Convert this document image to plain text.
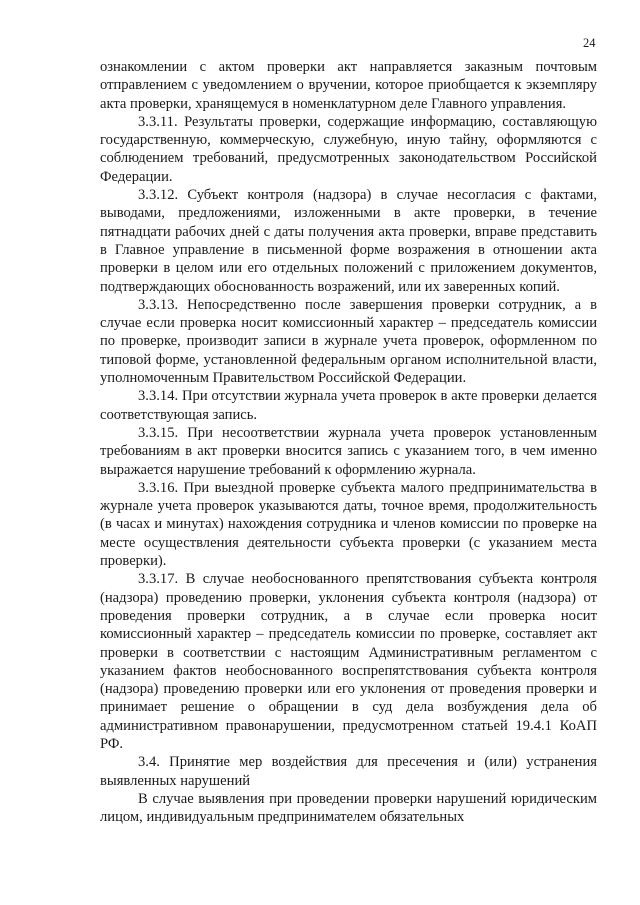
24

ознакомлении с актом проверки акт направляется заказным почтовым отправлением с уведомлением о вручении, которое приобщается к экземпляру акта проверки, хранящемуся в номенклатурном деле Главного управления.

3.3.11. Результаты проверки, содержащие информацию, составляющую государственную, коммерческую, служебную, иную тайну, оформляются с соблюдением требований, предусмотренных законодательством Российской Федерации.

3.3.12. Субъект контроля (надзора) в случае несогласия с фактами, выводами, предложениями, изложенными в акте проверки, в течение пятнадцати рабочих дней с даты получения акта проверки, вправе представить в Главное управление в письменной форме возражения в отношении акта проверки в целом или его отдельных положений с приложением документов, подтверждающих обоснованность возражений, или их заверенных копий.

3.3.13. Непосредственно после завершения проверки сотрудник, а в случае если проверка носит комиссионный характер – председатель комиссии по проверке, производит записи в журнале учета проверок, оформленном по типовой форме, установленной федеральным органом исполнительной власти, уполномоченным Правительством Российской Федерации.

3.3.14. При отсутствии журнала учета проверок в акте проверки делается соответствующая запись.

3.3.15. При несоответствии журнала учета проверок установленным требованиям в акт проверки вносится запись с указанием того, в чем именно выражается нарушение требований к оформлению журнала.

3.3.16. При выездной проверке субъекта малого предпринимательства в журнале учета проверок указываются даты, точное время, продолжительность (в часах и минутах) нахождения сотрудника и членов комиссии по проверке на месте осуществления деятельности субъекта проверки (с указанием места проверки).

3.3.17. В случае необоснованного препятствования субъекта контроля (надзора) проведению проверки, уклонения субъекта контроля (надзора) от проведения проверки сотрудник, а в случае если проверка носит комиссионный характер – председатель комиссии по проверке, составляет акт проверки в соответствии с настоящим Административным регламентом с указанием фактов необоснованного воспрепятствования субъекта контроля (надзора) проведению проверки или его уклонения от проведения проверки и принимает решение о обращении в суд дела возбуждения дела об административном правонарушении, предусмотренном статьей 19.4.1 КоАП РФ.

3.4. Принятие мер воздействия для пресечения и (или) устранения выявленных нарушений

В случае выявления при проведении проверки нарушений юридическим лицом, индивидуальным предпринимателем обязательных
